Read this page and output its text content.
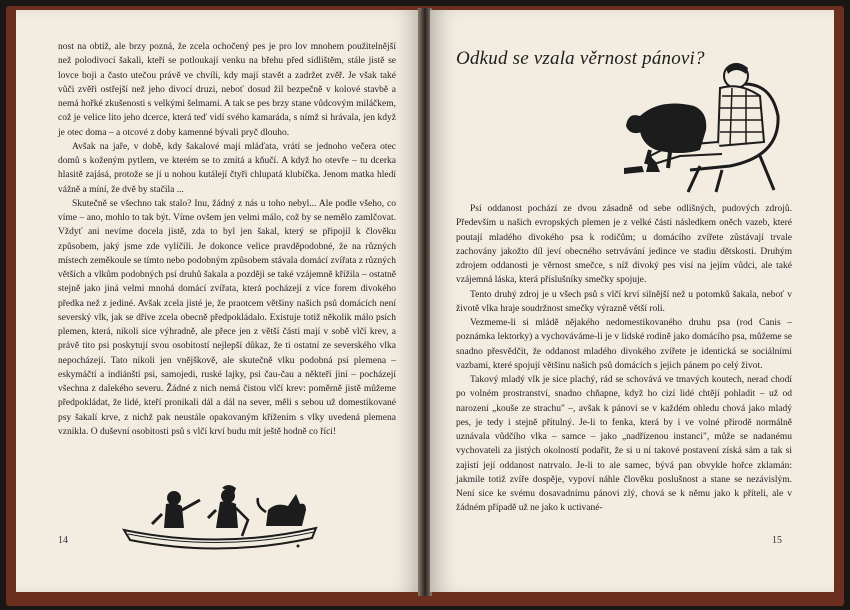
nost na obtíž, ale brzy pozná, že zcela ochočený pes je pro lov mnohem použitelnější než polodivocí šakali, kteří se potloukají venku na břehu před sídlištěm, stále jistě se lovce boji a často utečou právě ve chvíli, kdy mají stavět a zadržet zvěř. Je však také vůči zvěři ostřejší než jeho divocí druzi, neboť dosud žil bezpečně v kolové stavbě a nemá hořké zkušenosti s velkými šelmami. A tak se pes brzy stane vůdcovým miláčkem, což je velice lito jeho dcerce, která teď vidí svého kamaráda, s nímž si hrávala, jen když je otec doma – a otcové z doby kamenné bývali pryč dlouho.

Avšak na jaře, v době, kdy šakalové mají mláďata, vrátí se jednoho večera otec domů s koženým pytlem, ve kterém se to zmítá a kňučí. A když ho otevře – tu dcerka hlasitě zajásá, protože se jí u nohou kutálejí čtyři chlupatá klubíčka. Jenom matka hledí vážně a míní, že dvě by stačila ...

Skutečně se všechno tak stalo? Inu, žádný z nás u toho nebyl... Ale podle všeho, co víme – ano, mohlo to tak být. Víme ovšem jen velmi málo, což by se nemělo zamlčovat. Vždyť ani nevíme docela jistě, zda to byl jen šakal, který se připojil k člověku způsobem, jaký jsme zde vylíčili. Je dokonce velice pravděpodobné, že na různých místech zeměkoule se tímto nebo podobným způsobem stávala domácí zvířata z různých větších a vlkům podobných psí druhů šakala a později se také vzájemně křížila – ostatně stejně jako jiná velmi mnohá domácí zvířata, která pocházejí z více forem divokého předka než z jediné. Avšak zcela jisté je, že praotcem většiny našich psů domácích není severský vlk, jak se dříve zcela obecně předpokládalo. Existuje totiž několik málo psích plemen, která, nikoli sice výhradně, ale přece jen z větší části mají v sobě vlčí krev, a právě tito psi poskytují svou osobitostí nejlepší důkaz, že ti ostatní ze severského vlka nepocházejí. Tato nikoli jen vnějškově, ale skutečně vlku podobná psí plemena – eskymáčtí a indiánští psi, samojedi, ruské lajky, psi čau-čau a někteří jiní – pocházejí všechna z dalekého severu. Žádné z nich nemá čistou vlčí krev: poměrně jistě můžeme předpokládat, že lidé, kteří pronikali dál a dál na sever, měli s sebou už domestikované psy šakalí krve, z nichž pak neustále opakovaným křížením s vlky uvedená plemena vznikla. O duševní osobitosti psů s vlčí krví budu mít ještě hodně co říci!

14
Odkud se vzala věrnost pánovi?

Psí oddanost pochází ze dvou zásadně od sebe odlišných, pudových zdrojů. Především u našich evropských plemen je z velké části následkem oněch vazeb, které poutají mladého divokého psa k rodičům; u domácího zvířete zůstávají trvale zachovány jakožto díl jeví obecného setrvávání jedince ve stadiu dětskosti. Druhým zdrojem oddanosti je věrnost smečce, s níž divoký pes visí na jejím vůdci, ale také vzájemná láska, která příslušníky smečky spojuje.

Tento druhý zdroj je u všech psů s vlčí krví silnější než u potomků šakala, neboť v životě vlka hraje soudržnost smečky výrazně větší roli.

Vezmeme-li si mládě nějakého nedomestikovaného druhu psa (rod Canis – poznámka lektorky) a vychováváme-li je v lidské rodině jako domácího psa, můžeme se snadno přesvědčit, že oddanost mladého divokého zvířete je identická se sociálními vazbami, které spojují většinu našich psů domácích s jejich pánem po celý život.

Takový mladý vlk je sice plachý, rád se schovává ve tmavých koutech, nerad chodí po volném prostranství, snadno chňapne, když ho cizí lidé chtějí pohladit – už od narození „kouše ze strachu" –, avšak k pánovi se v každém ohledu chová jako mladý pes, je tedy i stejně přítulný. Je-li to fenka, která by i ve volné přírodě normálně uznávala vůdčího vlka – samce – jako „nadřízenou instanci", může se nadanému vychovateli za jistých okolností podařit, že si u ní takové postavení získá sám a tak si zajistí její oddanost natrvalo. Je-li to ale samec, bývá pan obvykle hořce zklamán: jakmile totiž zvíře dospěje, vypoví náhle člověku poslušnost a stane se nezávislým. Není sice ke svému dosavadnímu pánovi zlý, chová se k němu jako k příteli, ale v žádném případě už ne jako k uctivané-

15
